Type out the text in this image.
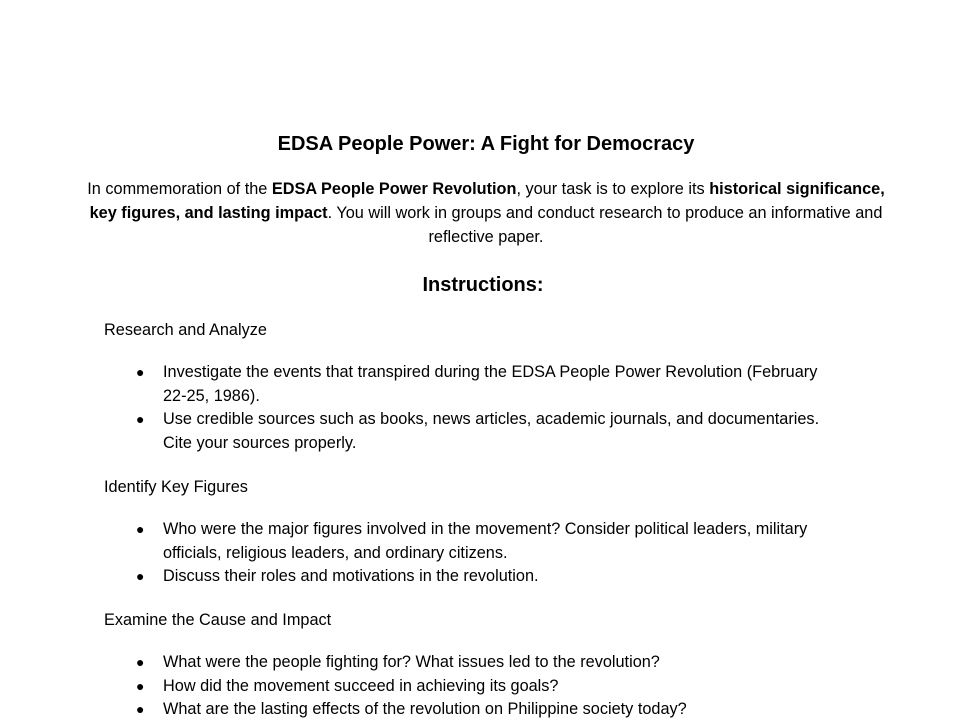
EDSA People Power: A Fight for Democracy
In commemoration of the EDSA People Power Revolution, your task is to explore its historical significance, key figures, and lasting impact. You will work in groups and conduct research to produce an informative and reflective paper.
Instructions:
Research and Analyze
● Investigate the events that transpired during the EDSA People Power Revolution (February 22-25, 1986).
● Use credible sources such as books, news articles, academic journals, and documentaries. Cite your sources properly.
Identify Key Figures
● Who were the major figures involved in the movement? Consider political leaders, military officials, religious leaders, and ordinary citizens.
● Discuss their roles and motivations in the revolution.
Examine the Cause and Impact
● What were the people fighting for? What issues led to the revolution?
● How did the movement succeed in achieving its goals?
● What are the lasting effects of the revolution on Philippine society today?
